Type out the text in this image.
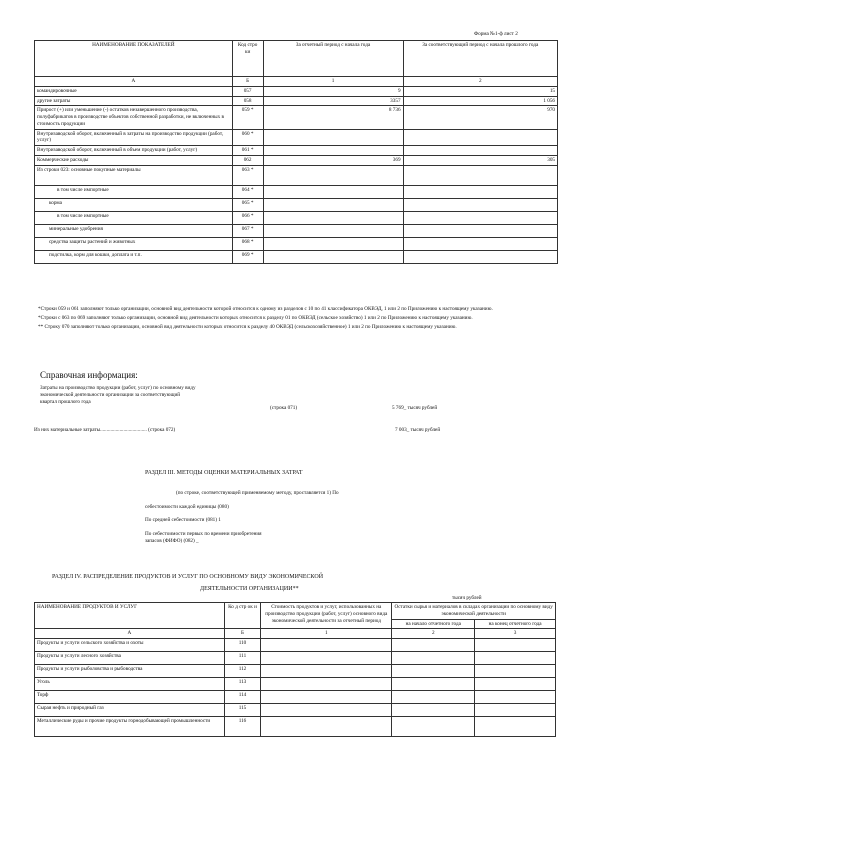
Форма №1-ф лист 2
НАИМЕНОВАНИЕ ПОКАЗАТЕЛЕЙ	Код стро ки	За отчетный период с начала года	За соответствующий период с начала прошлого года
А	Б	1	2
командировочные	057	9	15
другие затраты	058	3357	1 056
Прирост (+) или уменьшение (-) остатков незавершенного производства, полуфабрикатов в производстве объектов собственной разработки, не включенных в стоимость продукции	059 *	8 736	970
Внутризаводской оборот, включенный в затраты на производство продукции (работ, услуг)	060 *		
Внутризаводской оборот, включенный в объем продукции (работ, услуг)	061 *		
Коммерческие расходы	062	369	305
Из строки 023: основные покупные материалы	063 *		
в том числе импортные	064 *		
корма	065 *		
в том числе импортные	066 *		
минеральные удобрения	067 *		
средства защиты растений и животных	068 *		
подстилка, корм для кошки, доплата и т.п.	069 *		
*Строки 059 и 061 заполняют только организации, основной вид деятельности которой относится к одному из разделов с 10 по 41 классификатора ОКВЭД, 1 или 2 по Приложению к настоящему указанию.
*Строки с 063 по 069 заполняют только организации, основной вид деятельности которых относится к разделу 01 по ОКВЭД (сельское хозяйство) 1 или 2 по Приложению к настоящему указанию.
** Строку 070 заполняют только организации, основной вид деятельности которых относится к разделу 40 ОКВЭД (сельскохозяйственное) 1 или 2 по Приложению к настоящему указанию.
Справочная информация:
Затраты на производство продукции (работ, услуг) по основному виду
экономической деятельности организации за соответствующий
квартал прошлого года
(строка 071)	5 769_ тысяч рублей
Из них материальные затраты.................................... (строка 072)	7 003_ тысяч рублей
РАЗДЕЛ III. МЕТОДЫ ОЦЕНКИ МАТЕРИАЛЬНЫХ ЗАТРАТ
(по строке, соответствующей применяемому методу, проставляется 1) По
себестоимости каждой единицы (080)
По средней себестоимости (081) 1
По себестоимости первых по времени приобретения
запасов (ФИФО) (082) _
РАЗДЕЛ IV. РАСПРЕДЕЛЕНИЕ ПРОДУКТОВ И УСЛУГ ПО ОСНОВНОМУ ВИДУ ЭКОНОМИЧЕСКОЙ
ДЕЯТЕЛЬНОСТИ ОРГАНИЗАЦИИ**
тысяч рублей
НАИМЕНОВАНИЕ ПРОДУКТОВ И УСЛУГ	Ко д стр ок и	Стоимость продуктов и услуг, использованных на производство продукции (работ, услуг) основного вида экономической деятельности за отчетный период	Остатки сырья и материалов в складах организации по основному виду экономической деятельности	
			на начало отчетного года	на конец отчетного года
А	Б	1	2	3
Продукты и услуги сельского хозяйства и охоты	110			
Продукты и услуги лесного хозяйства	111			
Продукты и услуги рыболовства и рыбоводства	112			
Уголь	113			
Торф	114			
Сырая нефть и природный газ	115			
Металлические руды и прочие продукты горнодобывающей промышленности	116			
